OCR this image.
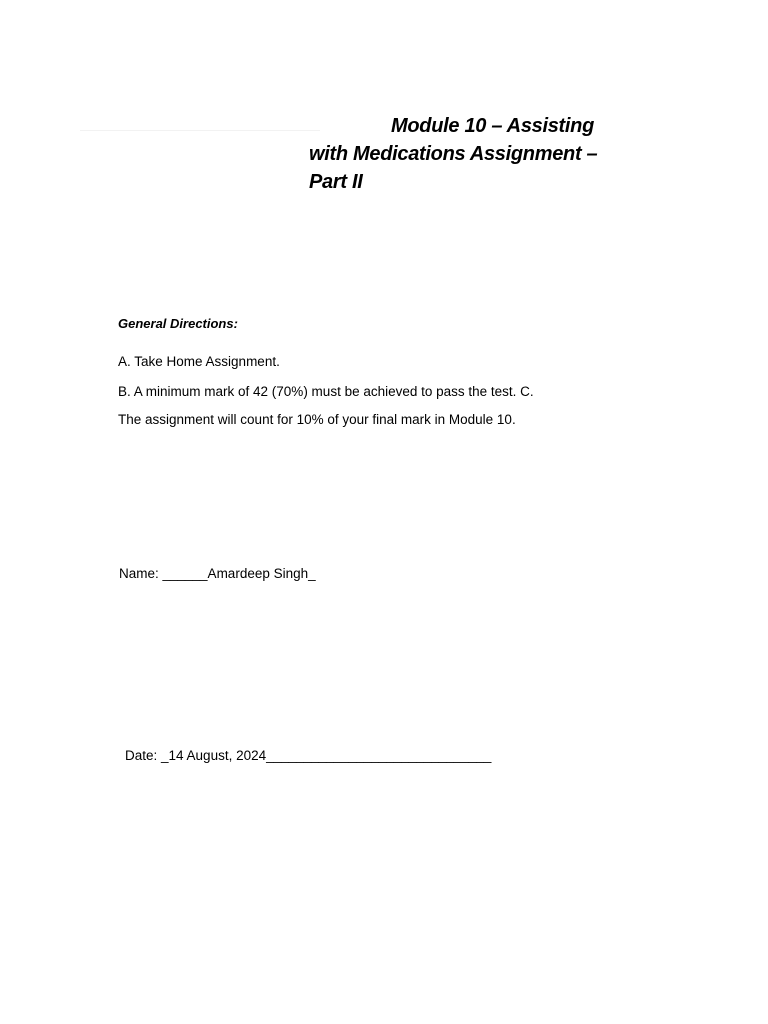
Module 10 – Assisting
with Medications Assignment –
Part II
General Directions:
A. Take Home Assignment.
B. A minimum mark of 42 (70%) must be achieved to pass the test. C.
The assignment will count for 10% of your final mark in Module 10.
Name: ______Amardeep Singh_
Date: _14 August, 2024______________________________
